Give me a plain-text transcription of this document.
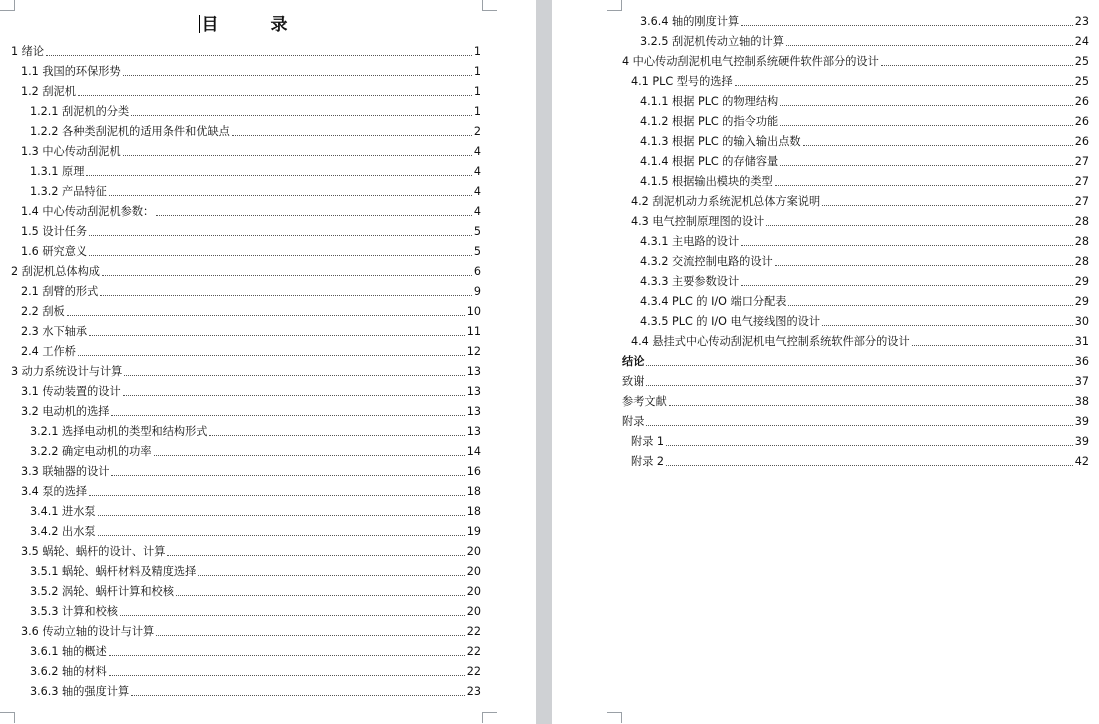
目	录
1 绪论	1
1.1 我国的环保形势	1
1.2 刮泥机	1
1.2.1 刮泥机的分类	1
1.2.2 各种类刮泥机的适用条件和优缺点	2
1.3 中心传动刮泥机	4
1.3.1 原理	4
1.3.2 产品特征	4
1.4 中心传动刮泥机参数：	4
1.5 设计任务	5
1.6 研究意义	5
2 刮泥机总体构成	6
2.1 刮臂的形式	9
2.2 刮板	10
2.3 水下轴承	11
2.4 工作桥	12
3 动力系统设计与计算	13
3.1 传动装置的设计	13
3.2 电动机的选择	13
3.2.1 选择电动机的类型和结构形式	13
3.2.2 确定电动机的功率	14
3.3 联轴器的设计	16
3.4 泵的选择	18
3.4.1 进水泵	18
3.4.2 出水泵	19
3.5 蜗轮、蜗杆的设计、计算	20
3.5.1 蜗轮、蜗杆材料及精度选择	20
3.5.2 涡轮、蜗杆计算和校核	20
3.5.3 计算和校核	20
3.6 传动立轴的设计与计算	22
3.6.1 轴的概述	22
3.6.2 轴的材料	22
3.6.3 轴的强度计算	23
3.6.4 轴的刚度计算	23
3.2.5 刮泥机传动立轴的计算	24
4 中心传动刮泥机电气控制系统硬件软件部分的设计	25
4.1 PLC 型号的选择	25
4.1.1 根据 PLC 的物理结构	26
4.1.2 根据 PLC 的指令功能	26
4.1.3 根据 PLC 的输入输出点数	26
4.1.4 根据 PLC 的存储容量	27
4.1.5 根据输出模块的类型	27
4.2 刮泥机动力系统泥机总体方案说明	27
4.3 电气控制原理图的设计	28
4.3.1 主电路的设计	28
4.3.2 交流控制电路的设计	28
4.3.3 主要参数设计	29
4.3.4 PLC 的 I/O 端口分配表	29
4.3.5 PLC 的 I/O 电气接线图的设计	30
4.4 悬挂式中心传动刮泥机电气控制系统软件部分的设计	31
结论	36
致谢	37
参考文献	38
附录	39
附录 1	39
附录 2	42
